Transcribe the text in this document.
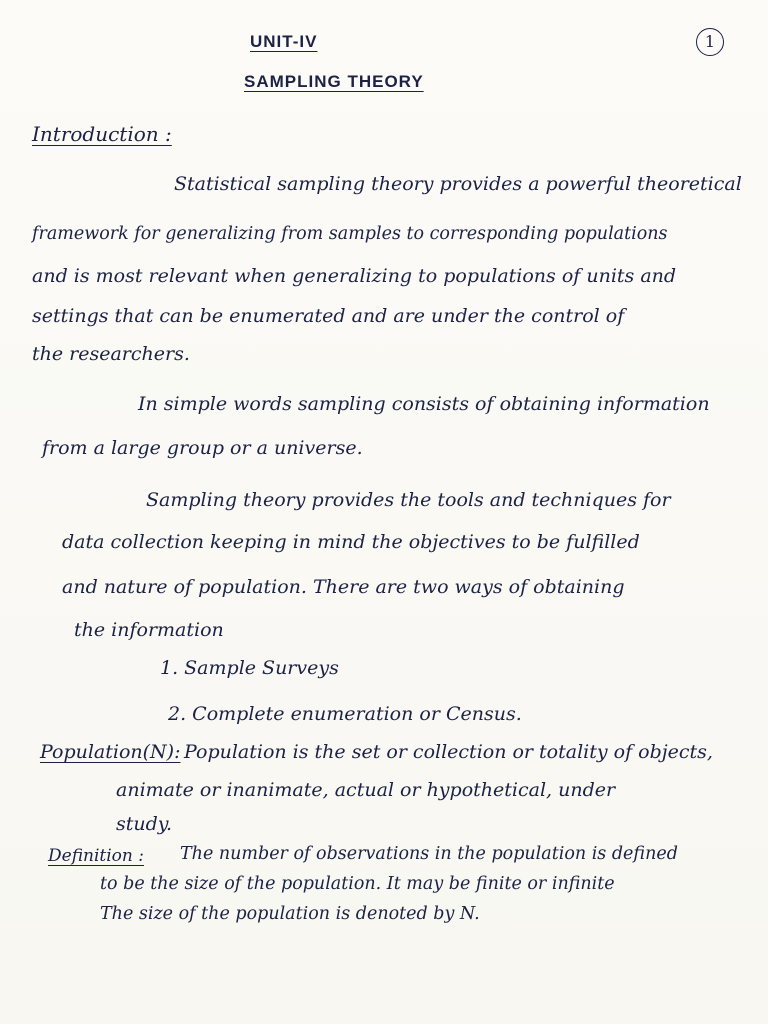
UNIT-IV	1
SAMPLING THEORY
Introduction :
Statistical sampling theory provides a powerful theoretical
framework for generalizing from samples to corresponding populations
and is most relevant when generalizing to populations of units and
settings that can be enumerated and are under the control of
the researchers.
In simple words sampling consists of obtaining information
from a large group or a universe.
Sampling theory provides the tools and techniques for
data collection keeping in mind the objectives to be fulfilled
and nature of population. There are two ways of obtaining
the information
1. Sample Surveys
2. Complete enumeration or Census.
Population(N): Population is the set or collection or totality of objects,
animate or inanimate, actual or hypothetical, under
study.
Definition : The number of observations in the population is defined
to be the size of the population. It may be finite or infinite
The size of the population is denoted by N.
